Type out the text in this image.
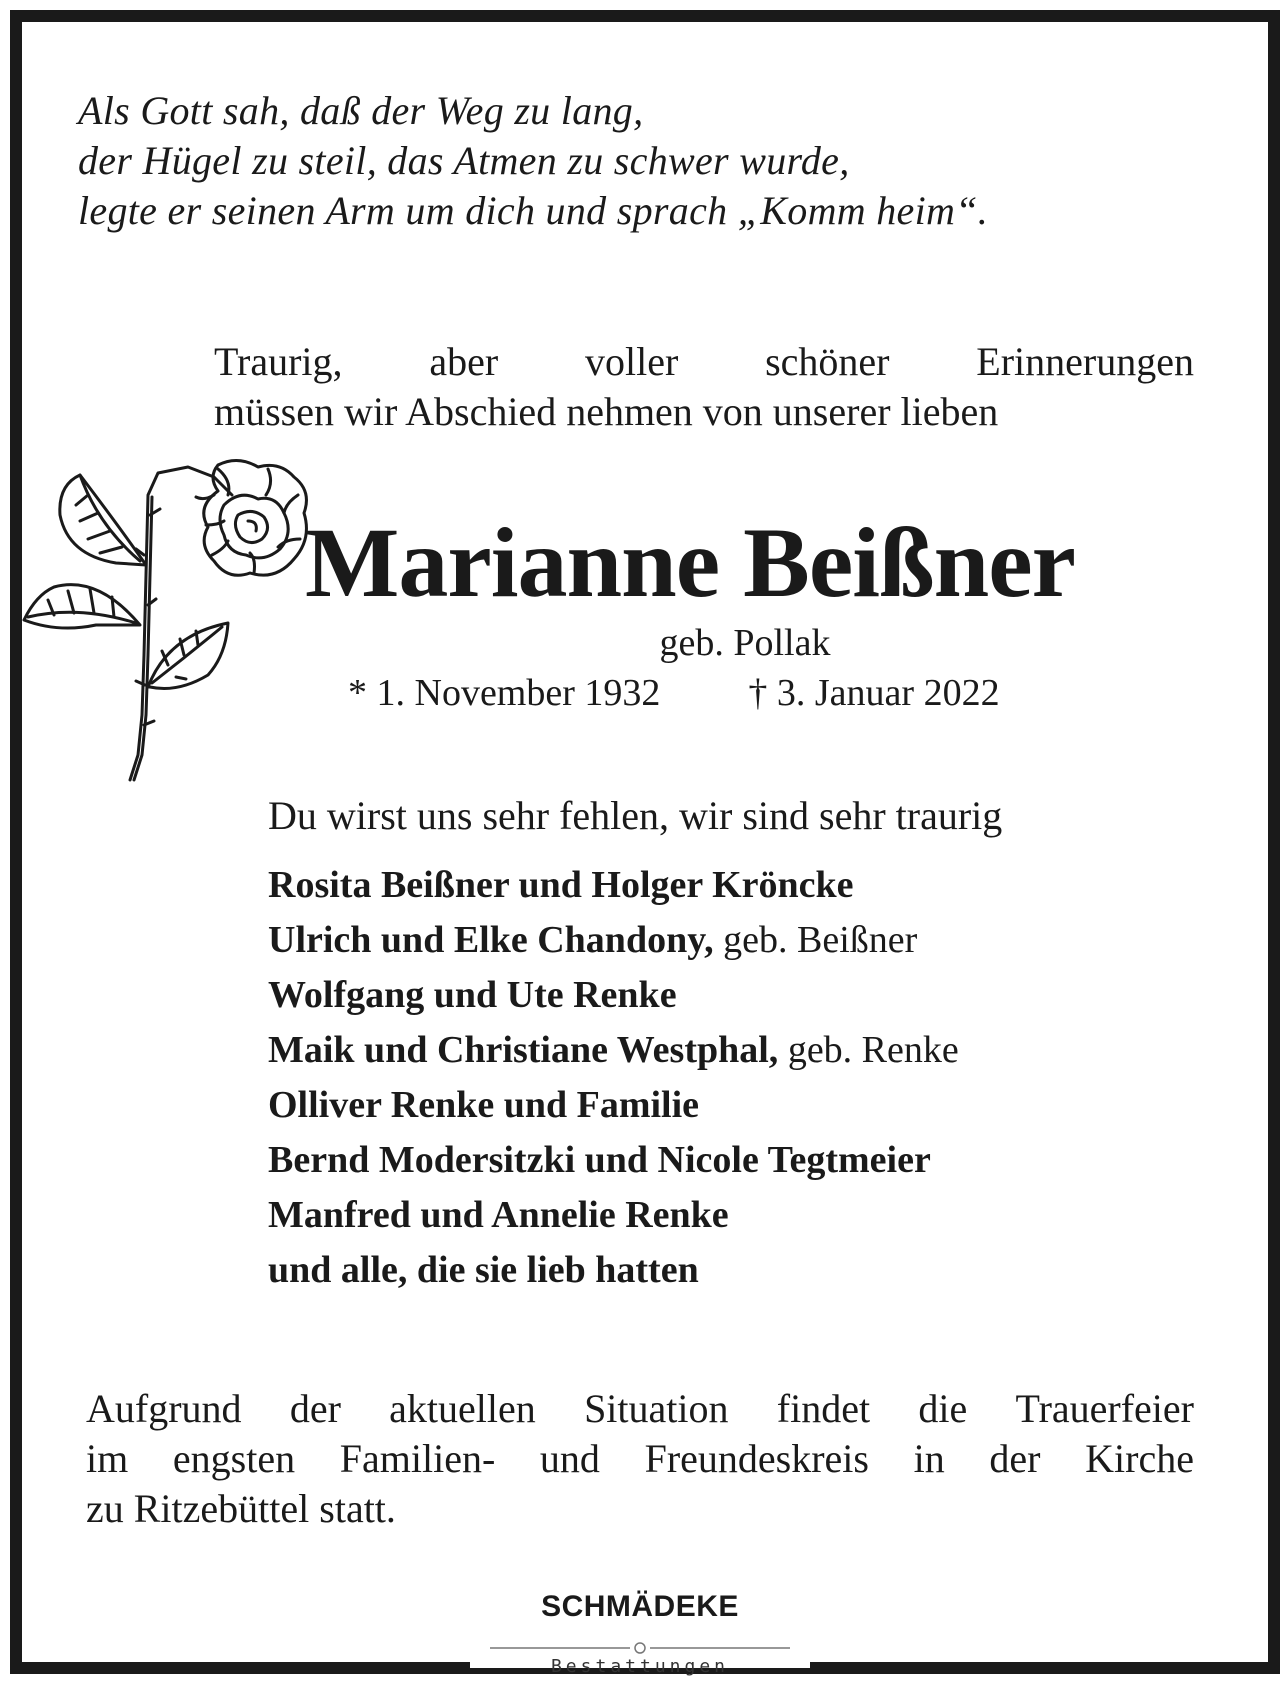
Als Gott sah, daß der Weg zu lang,
der Hügel zu steil, das Atmen zu schwer wurde,
legte er seinen Arm um dich und sprach „Komm heim“.
Traurig, aber voller schöner Erinnerungen
müssen wir Abschied nehmen von unserer lieben
Marianne Beißner
geb. Pollak
* 1. November 1932 † 3. Januar 2022
Du wirst uns sehr fehlen, wir sind sehr traurig
Rosita Beißner und Holger Kröncke
Ulrich und Elke Chandony, geb. Beißner
Wolfgang und Ute Renke
Maik und Christiane Westphal, geb. Renke
Olliver Renke und Familie
Bernd Modersitzki und Nicole Tegtmeier
Manfred und Annelie Renke
und alle, die sie lieb hatten
Aufgrund der aktuellen Situation findet die Trauerfeier
im engsten Familien- und Freundeskreis in der Kirche
zu Ritzebüttel statt.
SCHMÄDEKE
Bestattungen
